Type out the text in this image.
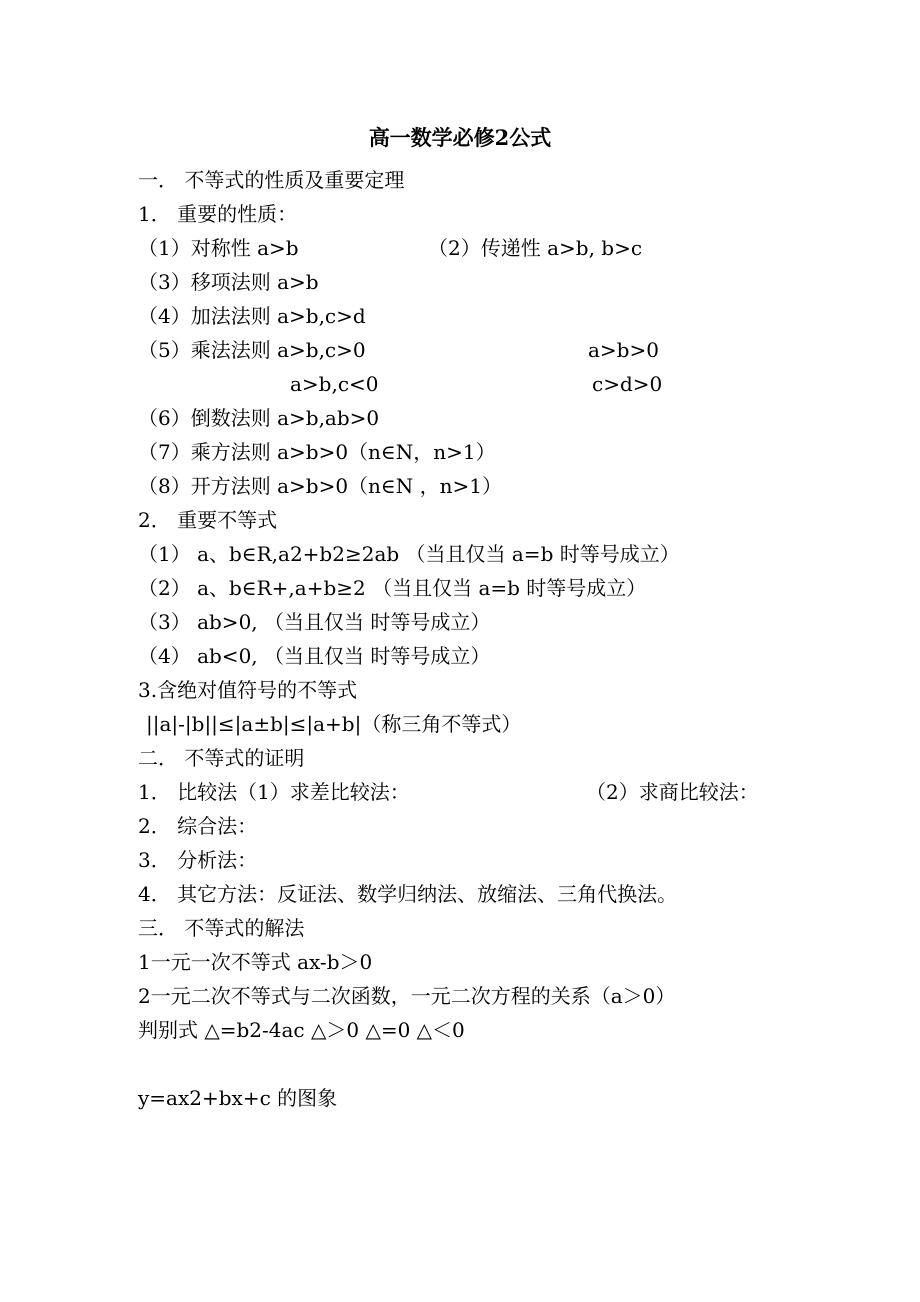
高一数学必修2公式
一． 不等式的性质及重要定理
1． 重要的性质：
（1）对称性 a>b	（2）传递性 a>b, b>c
（3）移项法则 a>b
（4）加法法则 a>b,c>d
（5）乘法法则 a>b,c>0	a>b>0
a>b,c<0	c>d>0
（6）倒数法则 a>b,ab>0
（7）乘方法则 a>b>0（n∈N，n>1）
（8）开方法则 a>b>0（n∈N ，n>1）
2． 重要不等式
（1） a、b∈R,a2+b2≥2ab （当且仅当 a=b 时等号成立）
（2） a、b∈R+,a+b≥2 （当且仅当 a=b 时等号成立）
（3） ab>0, （当且仅当 时等号成立）
（4） ab<0, （当且仅当 时等号成立）
3.含绝对值符号的不等式
||a|-|b||≤|a±b|≤|a+b|（称三角不等式）
二． 不等式的证明
1． 比较法（1）求差比较法：	（2）求商比较法：
2． 综合法：
3． 分析法：
4． 其它方法：反证法、数学归纳法、放缩法、三角代换法。
三． 不等式的解法
1一元一次不等式 ax-b＞0
2一元二次不等式与二次函数，一元二次方程的关系（a＞0）
判别式 △=b2-4ac △＞0 △=0 △＜0
y=ax2+bx+c 的图象
